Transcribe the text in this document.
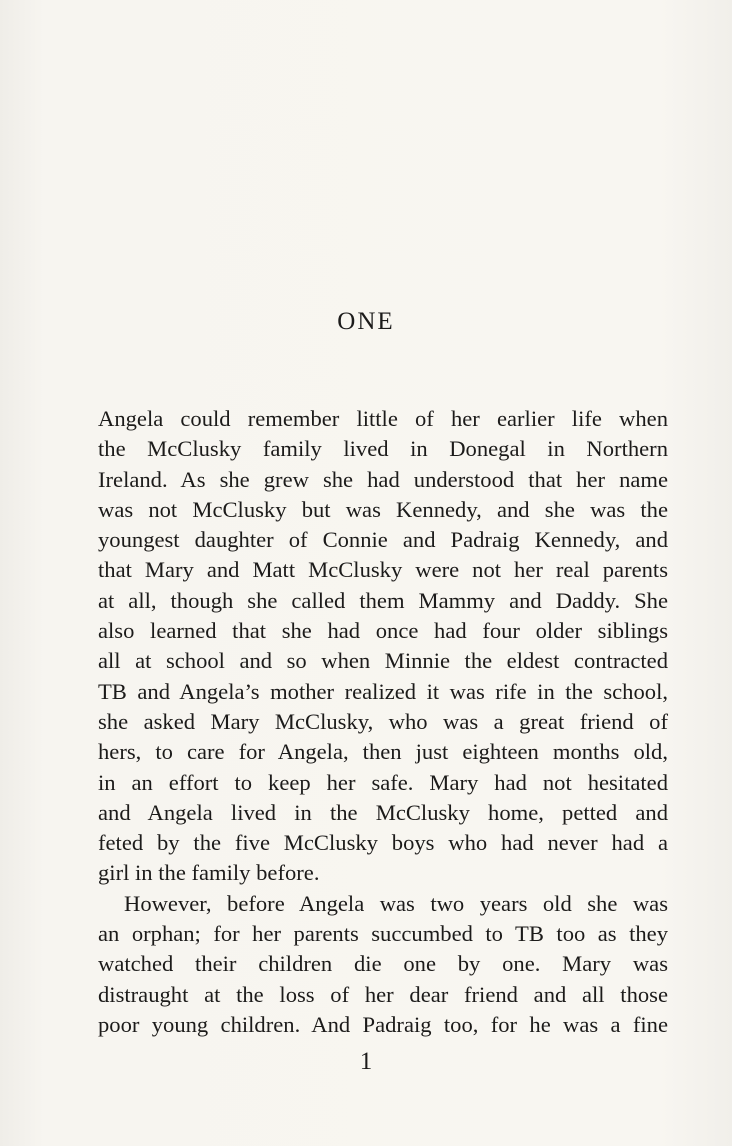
ONE

Angela could remember little of her earlier life when
the McClusky family lived in Donegal in Northern
Ireland. As she grew she had understood that her name
was not McClusky but was Kennedy, and she was the
youngest daughter of Connie and Padraig Kennedy, and
that Mary and Matt McClusky were not her real parents
at all, though she called them Mammy and Daddy. She
also learned that she had once had four older siblings
all at school and so when Minnie the eldest contracted
TB and Angela’s mother realized it was rife in the school,
she asked Mary McClusky, who was a great friend of
hers, to care for Angela, then just eighteen months old,
in an effort to keep her safe. Mary had not hesitated
and Angela lived in the McClusky home, petted and
feted by the five McClusky boys who had never had a
girl in the family before.

However, before Angela was two years old she was
an orphan; for her parents succumbed to TB too as they
watched their children die one by one. Mary was
distraught at the loss of her dear friend and all those
poor young children. And Padraig too, for he was a fine

1
